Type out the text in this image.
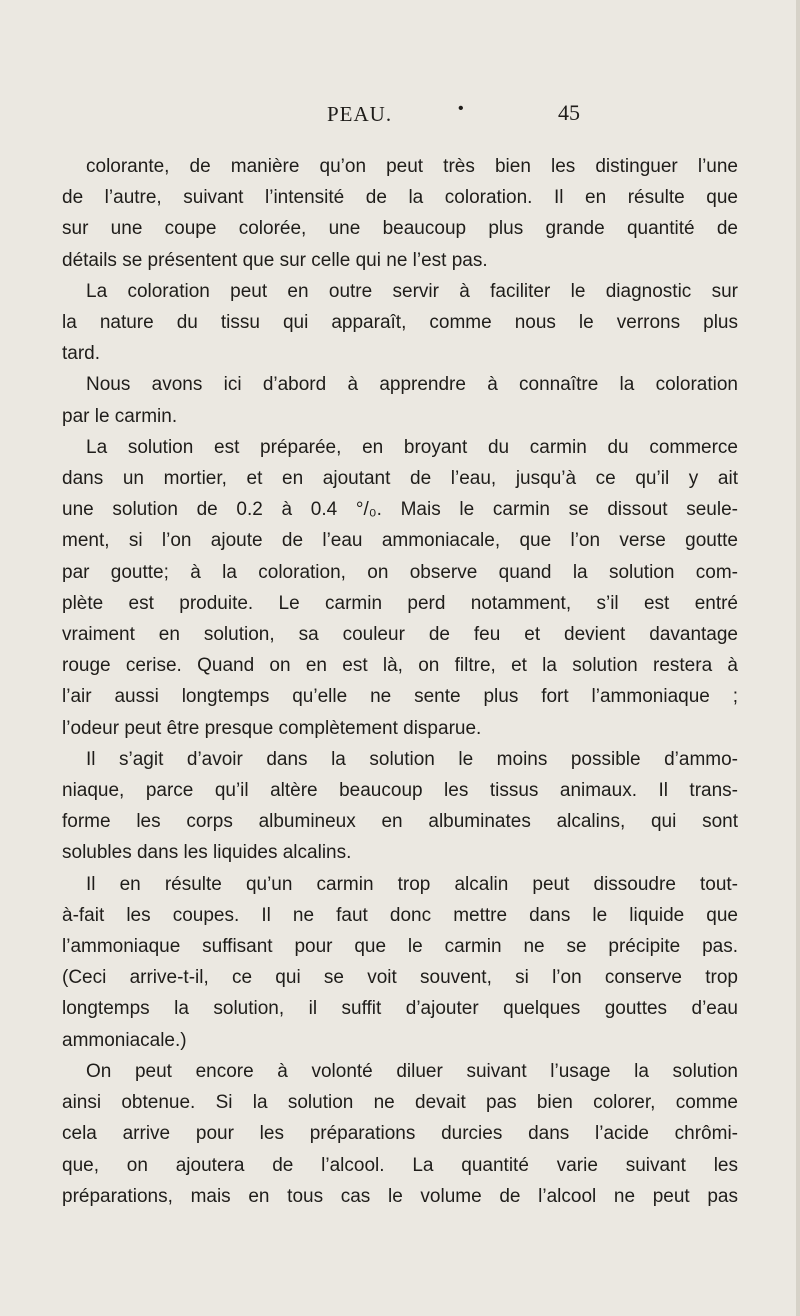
PEAU.	•	45

colorante, de manière qu’on peut très bien les distinguer l’une
de l’autre, suivant l’intensité de la coloration. Il en résulte que
sur une coupe colorée, une beaucoup plus grande quantité de
détails se présentent que sur celle qui ne l’est pas.

La coloration peut en outre servir à faciliter le diagnostic sur
la nature du tissu qui apparaît, comme nous le verrons plus
tard.

Nous avons ici d’abord à apprendre à connaître la coloration
par le carmin.

La solution est préparée, en broyant du carmin du commerce
dans un mortier, et en ajoutant de l’eau, jusqu’à ce qu’il y ait
une solution de 0.2 à 0.4 °/₀. Mais le carmin se dissout seule-
ment, si l’on ajoute de l’eau ammoniacale, que l’on verse goutte
par goutte; à la coloration, on observe quand la solution com-
plète est produite. Le carmin perd notamment, s’il est entré
vraiment en solution, sa couleur de feu et devient davantage
rouge cerise. Quand on en est là, on filtre, et la solution restera à
l’air aussi longtemps qu’elle ne sente plus fort l’ammoniaque ;
l’odeur peut être presque complètement disparue.

Il s’agit d’avoir dans la solution le moins possible d’ammo-
niaque, parce qu’il altère beaucoup les tissus animaux. Il trans-
forme les corps albumineux en albuminates alcalins, qui sont
solubles dans les liquides alcalins.

Il en résulte qu’un carmin trop alcalin peut dissoudre tout-
à-fait les coupes. Il ne faut donc mettre dans le liquide que
l’ammoniaque suffisant pour que le carmin ne se précipite pas.
(Ceci arrive-t-il, ce qui se voit souvent, si l’on conserve trop
longtemps la solution, il suffit d’ajouter quelques gouttes d’eau
ammoniacale.)

On peut encore à volonté diluer suivant l’usage la solution
ainsi obtenue. Si la solution ne devait pas bien colorer, comme
cela arrive pour les préparations durcies dans l’acide chrômi-
que, on ajoutera de l’alcool. La quantité varie suivant les
préparations, mais en tous cas le volume de l’alcool ne peut pas
